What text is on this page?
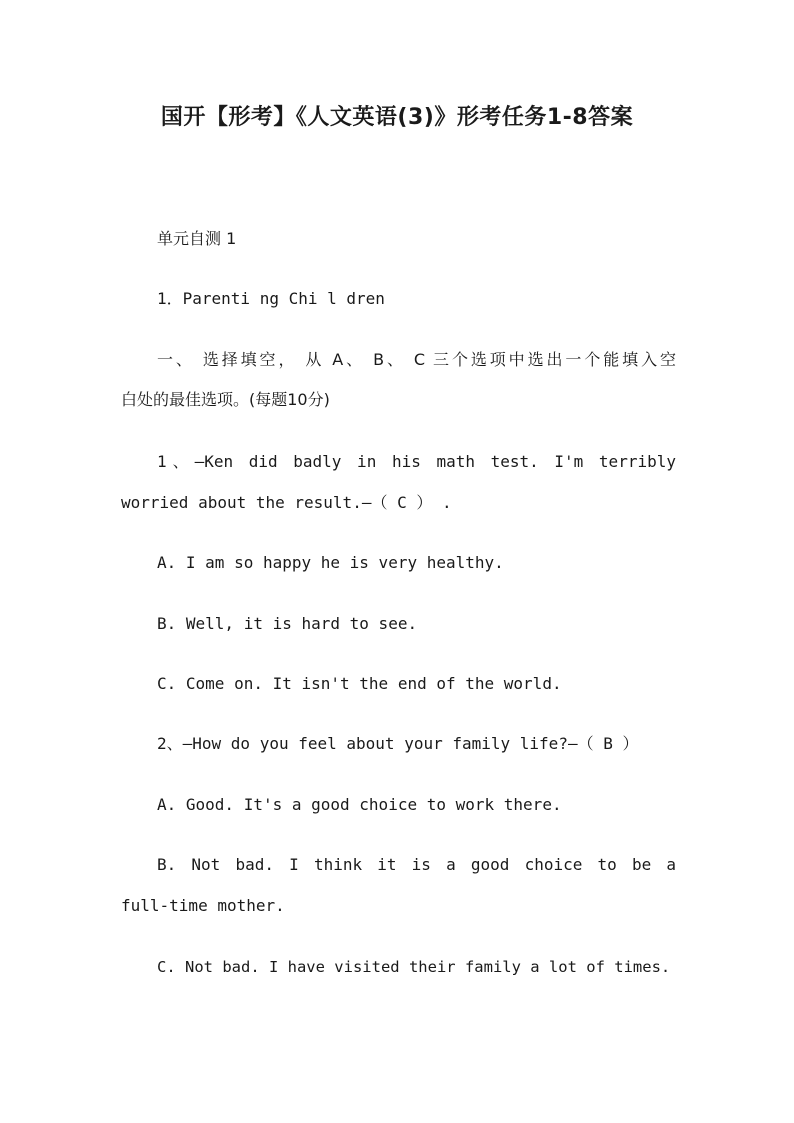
国开【形考】《人文英语(3)》形考任务1-8答案
单元自测 1
1．Parenti ng Chi l dren
一、 选择填空， 从 A、 B、 C 三个选项中选出一个能填入空
白处的最佳选项。(每题10分)
1、—Ken did badly in his math test. I'm terribly
worried about the result.—（ C ） .
A. I am so happy he is very healthy.
B. Well, it is hard to see.
C. Come on. It isn't the end of the world.
2、—How do you feel about your family life?—（ B ）
A. Good. It's a good choice to work there.
B. Not bad. I think it is a good choice to be a
full-time mother.
C. Not bad. I have visited their family a lot of times.
